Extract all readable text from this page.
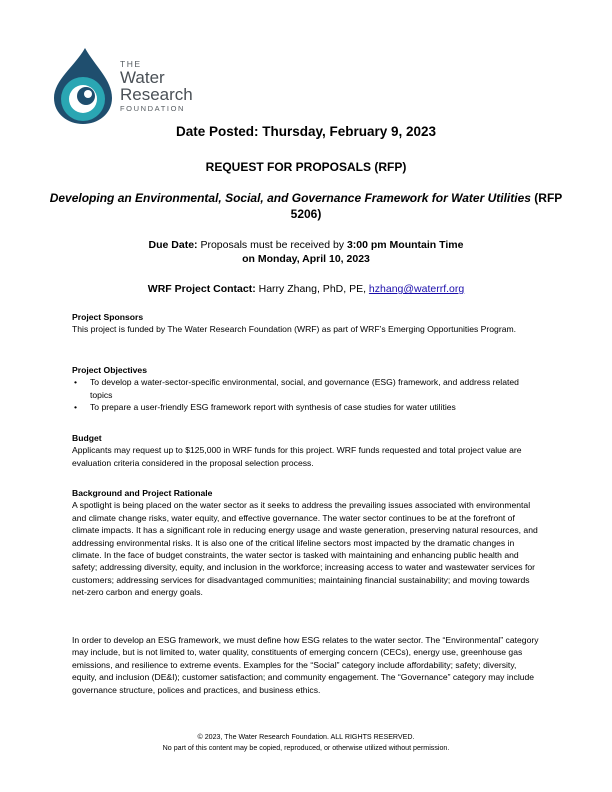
THE
Water
Research
FOUNDATION
Date Posted: Thursday, February 9, 2023
REQUEST FOR PROPOSALS (RFP)
Developing an Environmental, Social, and Governance Framework for Water Utilities (RFP 5206)
Due Date: Proposals must be received by 3:00 pm Mountain Time
on Monday, April 10, 2023
WRF Project Contact: Harry Zhang, PhD, PE, hzhang@waterrf.org
Project Sponsors
This project is funded by The Water Research Foundation (WRF) as part of WRF’s Emerging Opportunities Program.
Project Objectives
• To develop a water-sector-specific environmental, social, and governance (ESG) framework, and address related topics
• To prepare a user-friendly ESG framework report with synthesis of case studies for water utilities
Budget
Applicants may request up to $125,000 in WRF funds for this project. WRF funds requested and total project value are evaluation criteria considered in the proposal selection process.
Background and Project Rationale
A spotlight is being placed on the water sector as it seeks to address the prevailing issues associated with environmental and climate change risks, water equity, and effective governance. The water sector continues to be at the forefront of climate impacts. It has a significant role in reducing energy usage and waste generation, preserving natural resources, and addressing environmental risks. It is also one of the critical lifeline sectors most impacted by the dramatic changes in climate. In the face of budget constraints, the water sector is tasked with maintaining and enhancing public health and safety; addressing diversity, equity, and inclusion in the workforce; increasing access to water and wastewater services for customers; addressing services for disadvantaged communities; maintaining financial sustainability; and moving towards net-zero carbon and energy goals.
In order to develop an ESG framework, we must define how ESG relates to the water sector. The “Environmental” category may include, but is not limited to, water quality, constituents of emerging concern (CECs), energy use, greenhouse gas emissions, and resilience to extreme events. Examples for the “Social” category include affordability; safety; diversity, equity, and inclusion (DE&I); customer satisfaction; and community engagement. The “Governance” category may include governance structure, polices and practices, and business ethics.
© 2023, The Water Research Foundation. ALL RIGHTS RESERVED.
No part of this content may be copied, reproduced, or otherwise utilized without permission.
